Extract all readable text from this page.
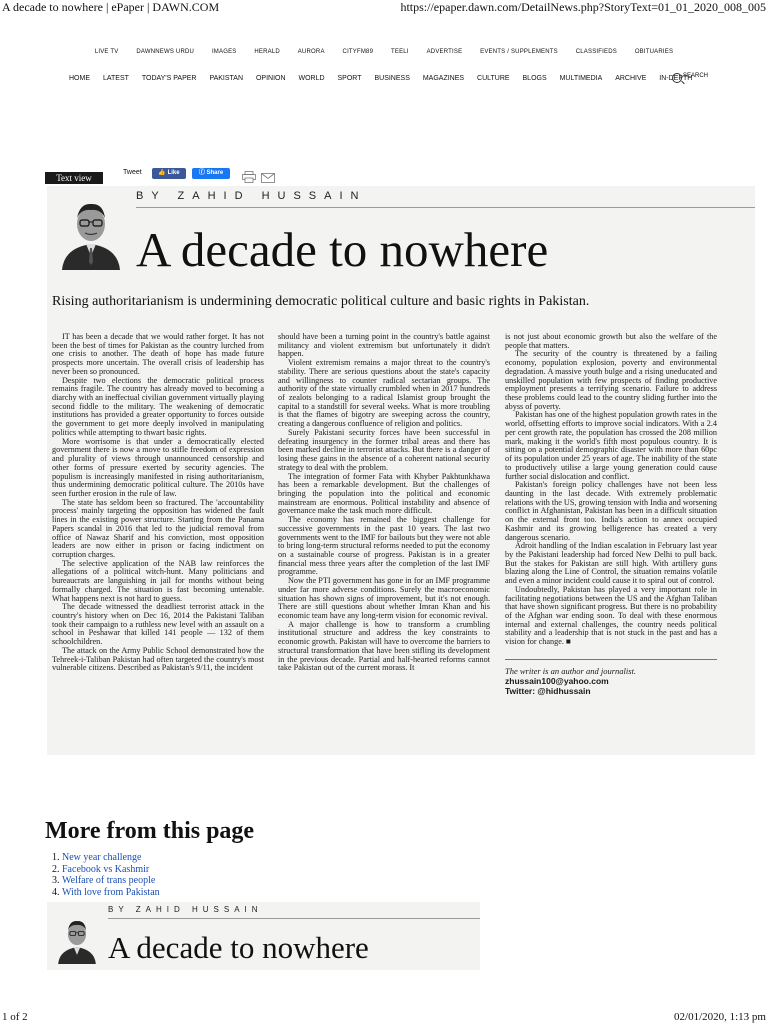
A decade to nowhere | ePaper | DAWN.COM	https://epaper.dawn.com/DetailNews.php?StoryText=01_01_2020_008_005
LIVE TV	DAWNNEWS URDU	IMAGES	HERALD	AURORA	CITYFM89	TEELI	ADVERTISE	EVENTS / SUPPLEMENTS	CLASSIFIEDS	OBITUARIES
HOME LATEST TODAY'S PAPER PAKISTAN OPINION WORLD SPORT BUSINESS MAGAZINES CULTURE BLOGS MULTIMEDIA ARCHIVE IN-DEPTH
SEARCH
Text view
Tweet	👍 Like	ⓕ Share
BY ZAHID HUSSAIN
A decade to nowhere
Rising authoritarianism is undermining democratic political culture and basic rights in Pakistan.

IT has been a decade that we would rather forget. It has not been the best of times for Pakistan as the country lurched from one crisis to another. The death of hope has made future prospects more uncertain. The overall crisis of leadership has never been so pronounced.

Despite two elections the democratic political process remains fragile. The country has already moved to becoming a diarchy with an ineffectual civilian government virtually playing second fiddle to the military. The weakening of democratic institutions has provided a greater opportunity to forces outside the government to get more deeply involved in manipulating politics while attempting to thwart basic rights.

More worrisome is that under a democratically elected government there is now a move to stifle freedom of expression and plurality of views through unannounced censorship and other forms of pressure exerted by security agencies. The populism is increasingly manifested in rising authoritarianism, thus undermining democratic political culture. The 2010s have seen further erosion in the rule of law.

The state has seldom been so fractured. The 'accountability process' mainly targeting the opposition has widened the fault lines in the existing power structure. Starting from the Panama Papers scandal in 2016 that led to the judicial removal from office of Nawaz Sharif and his conviction, most opposition leaders are now either in prison or facing indictment on corruption charges.

The selective application of the NAB law reinforces the allegations of a political witch-hunt. Many politicians and bureaucrats are languishing in jail for months without being formally charged. The situation is fast becoming untenable. What happens next is not hard to guess.

The decade witnessed the deadliest terrorist attack in the country's history when on Dec 16, 2014 the Pakistani Taliban took their campaign to a ruthless new level with an assault on a school in Peshawar that killed 141 people — 132 of them schoolchildren.

The attack on the Army Public School demonstrated how the Tehreek-i-Taliban Pakistan had often targeted the country's most vulnerable citizens. Described as Pakistan's 9/11, the incident

should have been a turning point in the country's battle against militancy and violent extremism but unfortunately it didn't happen.

Violent extremism remains a major threat to the country's stability. There are serious questions about the state's capacity and willingness to counter radical sectarian groups. The authority of the state virtually crumbled when in 2017 hundreds of zealots belonging to a radical Islamist group brought the capital to a standstill for several weeks. What is more troubling is that the flames of bigotry are sweeping across the country, creating a dangerous confluence of religion and politics.

Surely Pakistani security forces have been successful in defeating insurgency in the former tribal areas and there has been marked decline in terrorist attacks. But there is a danger of losing these gains in the absence of a coherent national security strategy to deal with the problem.

The integration of former Fata with Khyber Pakhtunkhawa has been a remarkable development. But the challenges of bringing the population into the political and economic mainstream are enormous. Political instability and absence of governance make the task much more difficult.

The economy has remained the biggest challenge for successive governments in the past 10 years. The last two governments went to the IMF for bailouts but they were not able to bring long-term structural reforms needed to put the economy on a sustainable course of progress. Pakistan is in a greater financial mess three years after the completion of the last IMF programme.

Now the PTI government has gone in for an IMF programme under far more adverse conditions. Surely the macroeconomic situation has shown signs of improvement, but it's not enough. There are still questions about whether Imran Khan and his economic team have any long-term vision for economic revival.

A major challenge is how to transform a crumbling institutional structure and address the key constraints to economic growth. Pakistan will have to overcome the barriers to structural transformation that have been stifling its development in the previous decade. Partial and half-hearted reforms cannot take Pakistan out of the current morass. It

is not just about economic growth but also the welfare of the people that matters.

The security of the country is threatened by a failing economy, population explosion, poverty and environmental degradation. A massive youth bulge and a rising uneducated and unskilled population with few prospects of finding productive employment presents a terrifying scenario. Failure to address these problems could lead to the country sliding further into the abyss of poverty.

Pakistan has one of the highest population growth rates in the world, offsetting efforts to improve social indicators. With a 2.4 per cent growth rate, the population has crossed the 208 million mark, making it the world's fifth most populous country. It is sitting on a potential demographic disaster with more than 60pc of its population under 25 years of age. The inability of the state to productively utilise a large young generation could cause further social dislocation and conflict.

Pakistan's foreign policy challenges have not been less daunting in the last decade. With extremely problematic relations with the US, growing tension with India and worsening conflict in Afghanistan, Pakistan has been in a difficult situation on the external front too. India's action to annex occupied Kashmir and its growing belligerence has created a very dangerous scenario.

Adroit handling of the Indian escalation in February last year by the Pakistani leadership had forced New Delhi to pull back. But the stakes for Pakistan are still high. With artillery guns blazing along the Line of Control, the situation remains volatile and even a minor incident could cause it to spiral out of control.

Undoubtedly, Pakistan has played a very important role in facilitating negotiations between the US and the Afghan Taliban that have shown significant progress. But there is no probability of the Afghan war ending soon. To deal with these enormous internal and external challenges, the country needs political stability and a leadership that is not stuck in the past and has a vision for change. ■

The writer is an author and journalist.

zhussain100@yahoo.com

Twitter: @hidhussain

More from this page
1. New year challenge
2. Facebook vs Kashmir
3. Welfare of trans people
4. With love from Pakistan
BY ZAHID HUSSAIN
A decade to nowhere
1 of 2	02/01/2020, 1:13 pm
